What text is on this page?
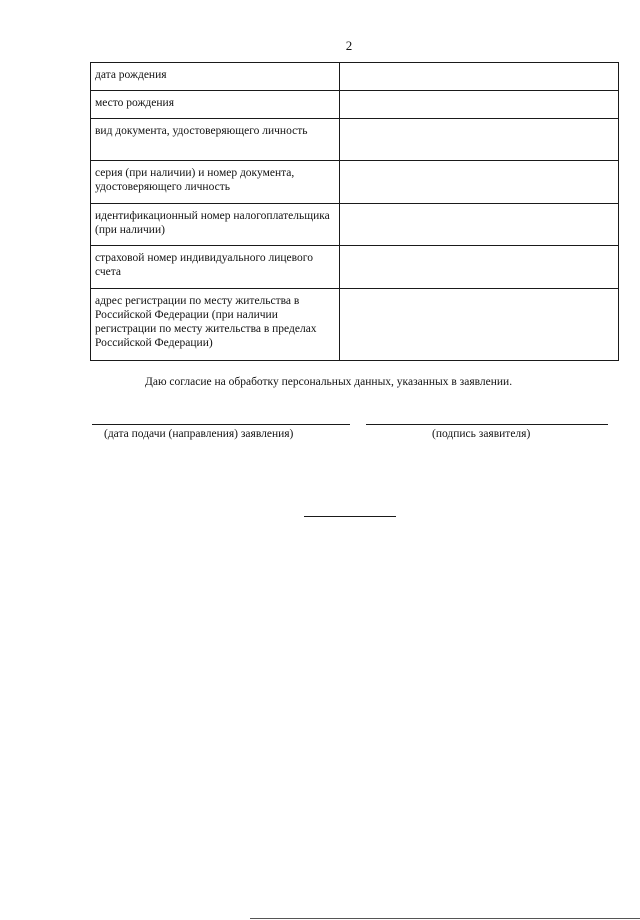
2
дата рождения	
место рождения	
вид документа, удостоверяющего личность	
серия (при наличии) и номер документа, удостоверяющего личность	
идентификационный номер налогоплательщика (при наличии)	
страховой номер индивидуального лицевого счета	
адрес регистрации по месту жительства в Российской Федерации (при наличии регистрации по месту жительства в пределах Российской Федерации)	
Даю согласие на обработку персональных данных, указанных в заявлении.
(дата подачи (направления) заявления)	(подпись заявителя)
